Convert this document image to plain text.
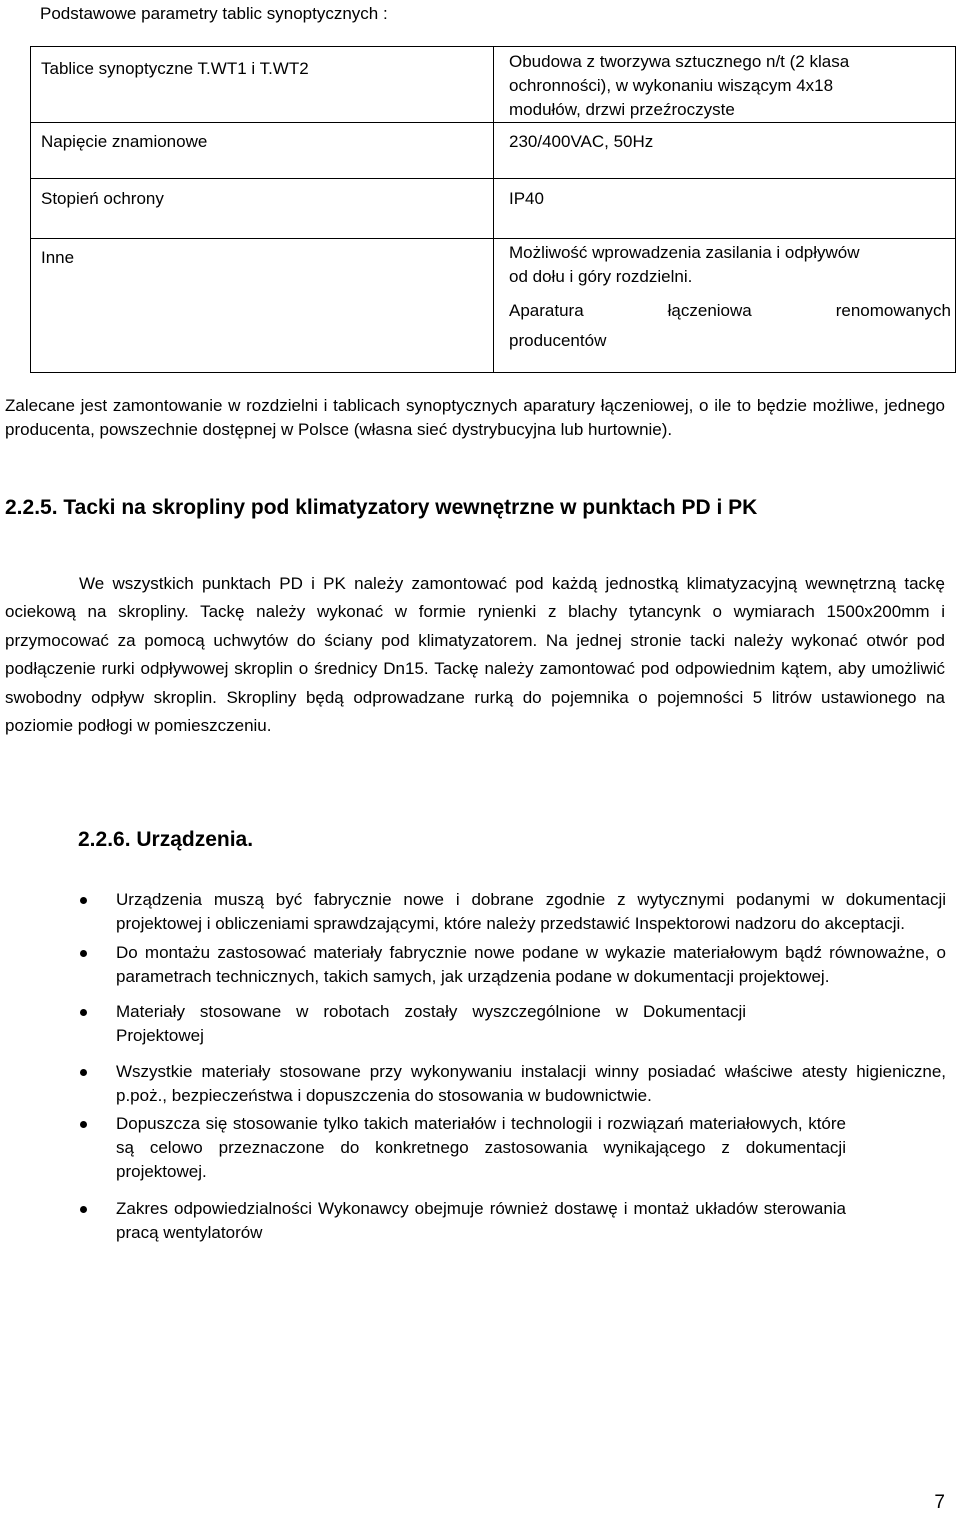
Podstawowe parametry tablic synoptycznych :
Tablice synoptyczne T.WT1 i T.WT2	Obudowa z tworzywa sztucznego n/t (2 klasa
ochronności), w wykonaniu wiszącym 4x18
modułów, drzwi przeźroczyste

Napięcie znamionowe	230/400VAC, 50Hz

Stopień ochrony	IP40

Inne	Możliwość wprowadzenia zasilania i odpływów
od dołu i góry rozdzielni.
Aparatura łączeniowa renomowanych
producentów

Zalecane jest zamontowanie w rozdzielni i tablicach synoptycznych aparatury łączeniowej, o ile to będzie możliwe, jednego producenta, powszechnie dostępnej w Polsce (własna sieć dystrybucyjna lub hurtownie).

2.2.5. Tacki na skropliny pod klimatyzatory wewnętrzne w punktach PD i PK

We wszystkich punktach PD i PK należy zamontować pod każdą jednostką klimatyzacyjną wewnętrzną tackę ociekową na skropliny. Tackę należy wykonać w formie rynienki z blachy tytancynk o wymiarach 1500x200mm i przymocować za pomocą uchwytów do ściany pod klimatyzatorem. Na jednej stronie tacki należy wykonać otwór pod podłączenie rurki odpływowej skroplin o średnicy Dn15. Tackę należy zamontować pod odpowiednim kątem, aby umożliwić swobodny odpływ skroplin. Skropliny będą odprowadzane rurką do pojemnika o pojemności 5 litrów ustawionego na poziomie podłogi w pomieszczeniu.

2.2.6. Urządzenia.
Urządzenia muszą być fabrycznie nowe i dobrane zgodnie z wytycznymi podanymi w dokumentacji projektowej i obliczeniami sprawdzającymi, które należy przedstawić Inspektorowi nadzoru do akceptacji.
Do montażu zastosować materiały fabrycznie nowe podane w wykazie materiałowym bądź równoważne, o parametrach technicznych, takich samych, jak urządzenia podane w dokumentacji projektowej.
Materiały stosowane w robotach zostały wyszczególnione w Dokumentacji Projektowej
Wszystkie materiały stosowane przy wykonywaniu instalacji winny posiadać właściwe atesty higieniczne, p.poż., bezpieczeństwa i dopuszczenia do stosowania w budownictwie.
Dopuszcza się stosowanie tylko takich materiałów i technologii i rozwiązań materiałowych, które są celowo przeznaczone do konkretnego zastosowania wynikającego z dokumentacji projektowej.
Zakres odpowiedzialności Wykonawcy obejmuje również dostawę i montaż układów sterowania pracą wentylatorów
7
